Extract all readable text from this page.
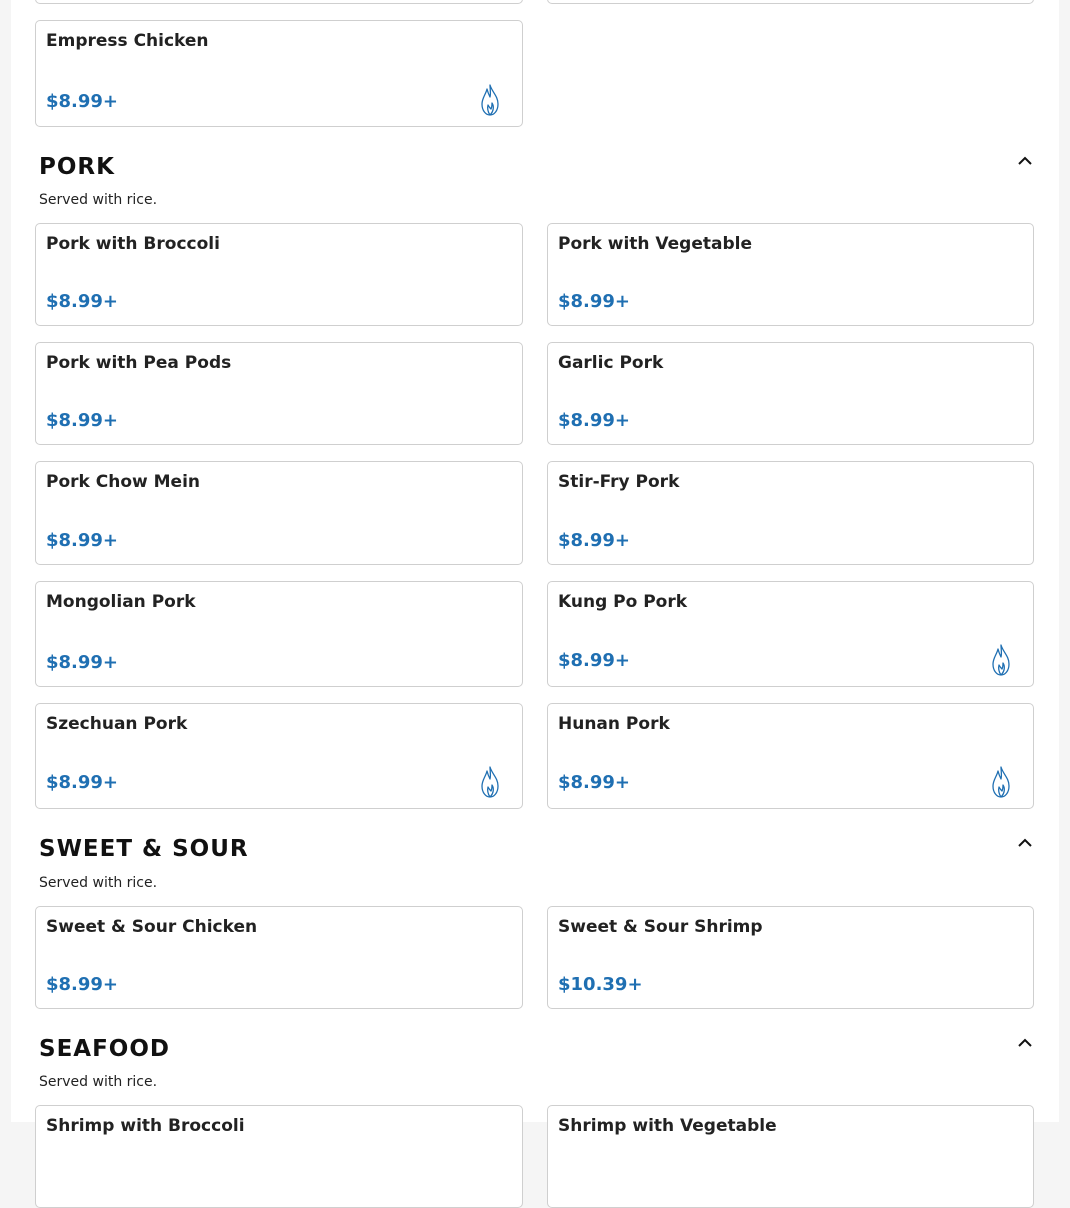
Empress Chicken
$8.99+
PORK
Served with rice.
Pork with Broccoli
$8.99+
Pork with Vegetable
$8.99+
Pork with Pea Pods
$8.99+
Garlic Pork
$8.99+
Pork Chow Mein
$8.99+
Stir-Fry Pork
$8.99+
Mongolian Pork
$8.99+
Kung Po Pork
$8.99+
Szechuan Pork
$8.99+
Hunan Pork
$8.99+
SWEET & SOUR
Served with rice.
Sweet & Sour Chicken
$8.99+
Sweet & Sour Shrimp
$10.39+
SEAFOOD
Served with rice.
Shrimp with Broccoli	Shrimp with Vegetable
